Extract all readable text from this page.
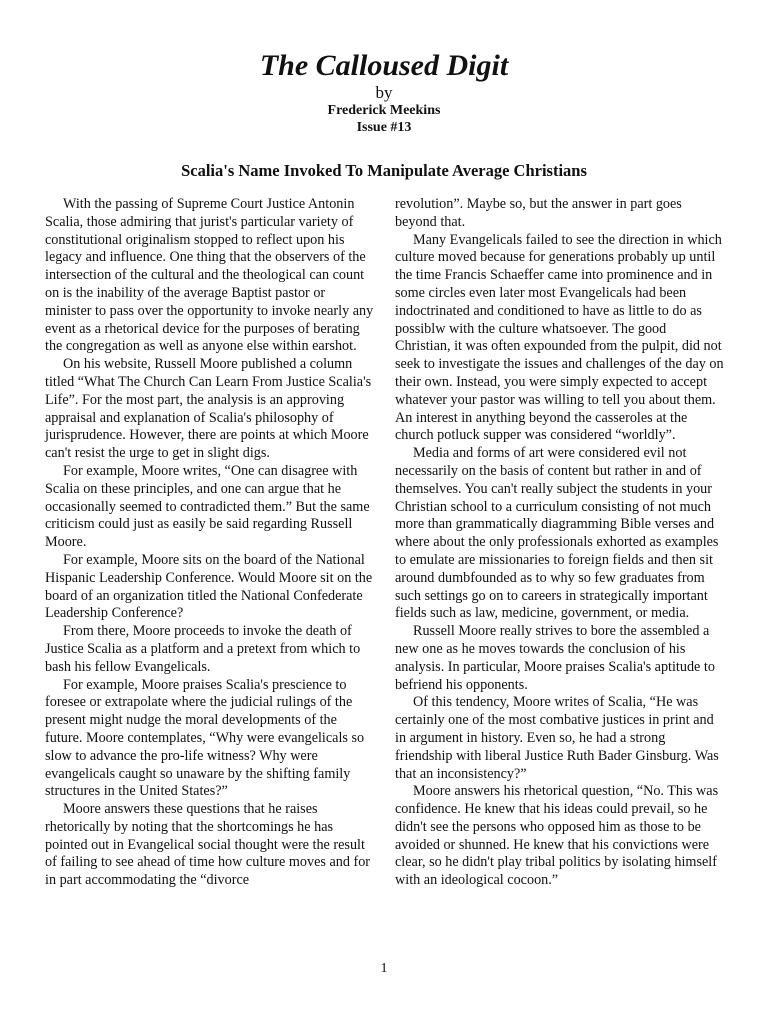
The Calloused Digit
by
Frederick Meekins
Issue #13
Scalia's Name Invoked To Manipulate Average Christians

With the passing of Supreme Court Justice Antonin Scalia, those admiring that jurist's particular variety of constitutional originalism stopped to reflect upon his legacy and influence. One thing that the observers of the intersection of the cultural and the theological can count on is the inability of the average Baptist pastor or minister to pass over the opportunity to invoke nearly any event as a rhetorical device for the purposes of berating the congregation as well as anyone else within earshot.

On his website, Russell Moore published a column titled “What The Church Can Learn From Justice Scalia's Life”. For the most part, the analysis is an approving appraisal and explanation of Scalia's philosophy of jurisprudence. However, there are points at which Moore can't resist the urge to get in slight digs.

For example, Moore writes, “One can disagree with Scalia on these principles, and one can argue that he occasionally seemed to contradicted them.” But the same criticism could just as easily be said regarding Russell Moore.

For example, Moore sits on the board of the National Hispanic Leadership Conference. Would Moore sit on the board of an organization titled the National Confederate Leadership Conference?

From there, Moore proceeds to invoke the death of Justice Scalia as a platform and a pretext from which to bash his fellow Evangelicals.

For example, Moore praises Scalia's prescience to foresee or extrapolate where the judicial rulings of the present might nudge the moral developments of the future. Moore contemplates, “Why were evangelicals so slow to advance the pro-life witness? Why were evangelicals caught so unaware by the shifting family structures in the United States?”

Moore answers these questions that he raises rhetorically by noting that the shortcomings he has pointed out in Evangelical social thought were the result of failing to see ahead of time how culture moves and for in part accommodating the “divorce

revolution”. Maybe so, but the answer in part goes beyond that.

Many Evangelicals failed to see the direction in which culture moved because for generations probably up until the time Francis Schaeffer came into prominence and in some circles even later most Evangelicals had been indoctrinated and conditioned to have as little to do as possiblw with the culture whatsoever. The good Christian, it was often expounded from the pulpit, did not seek to investigate the issues and challenges of the day on their own. Instead, you were simply expected to accept whatever your pastor was willing to tell you about them. An interest in anything beyond the casseroles at the church potluck supper was considered “worldly”.

Media and forms of art were considered evil not necessarily on the basis of content but rather in and of themselves. You can't really subject the students in your Christian school to a curriculum consisting of not much more than grammatically diagramming Bible verses and where about the only professionals exhorted as examples to emulate are missionaries to foreign fields and then sit around dumbfounded as to why so few graduates from such settings go on to careers in strategically important fields such as law, medicine, government, or media.

Russell Moore really strives to bore the assembled a new one as he moves towards the conclusion of his analysis. In particular, Moore praises Scalia's aptitude to befriend his opponents.

Of this tendency, Moore writes of Scalia, “He was certainly one of the most combative justices in print and in argument in history. Even so, he had a strong friendship with liberal Justice Ruth Bader Ginsburg. Was that an inconsistency?”

Moore answers his rhetorical question, “No. This was confidence. He knew that his ideas could prevail, so he didn't see the persons who opposed him as those to be avoided or shunned. He knew that his convictions were clear, so he didn't play tribal politics by isolating himself with an ideological cocoon.”

1
